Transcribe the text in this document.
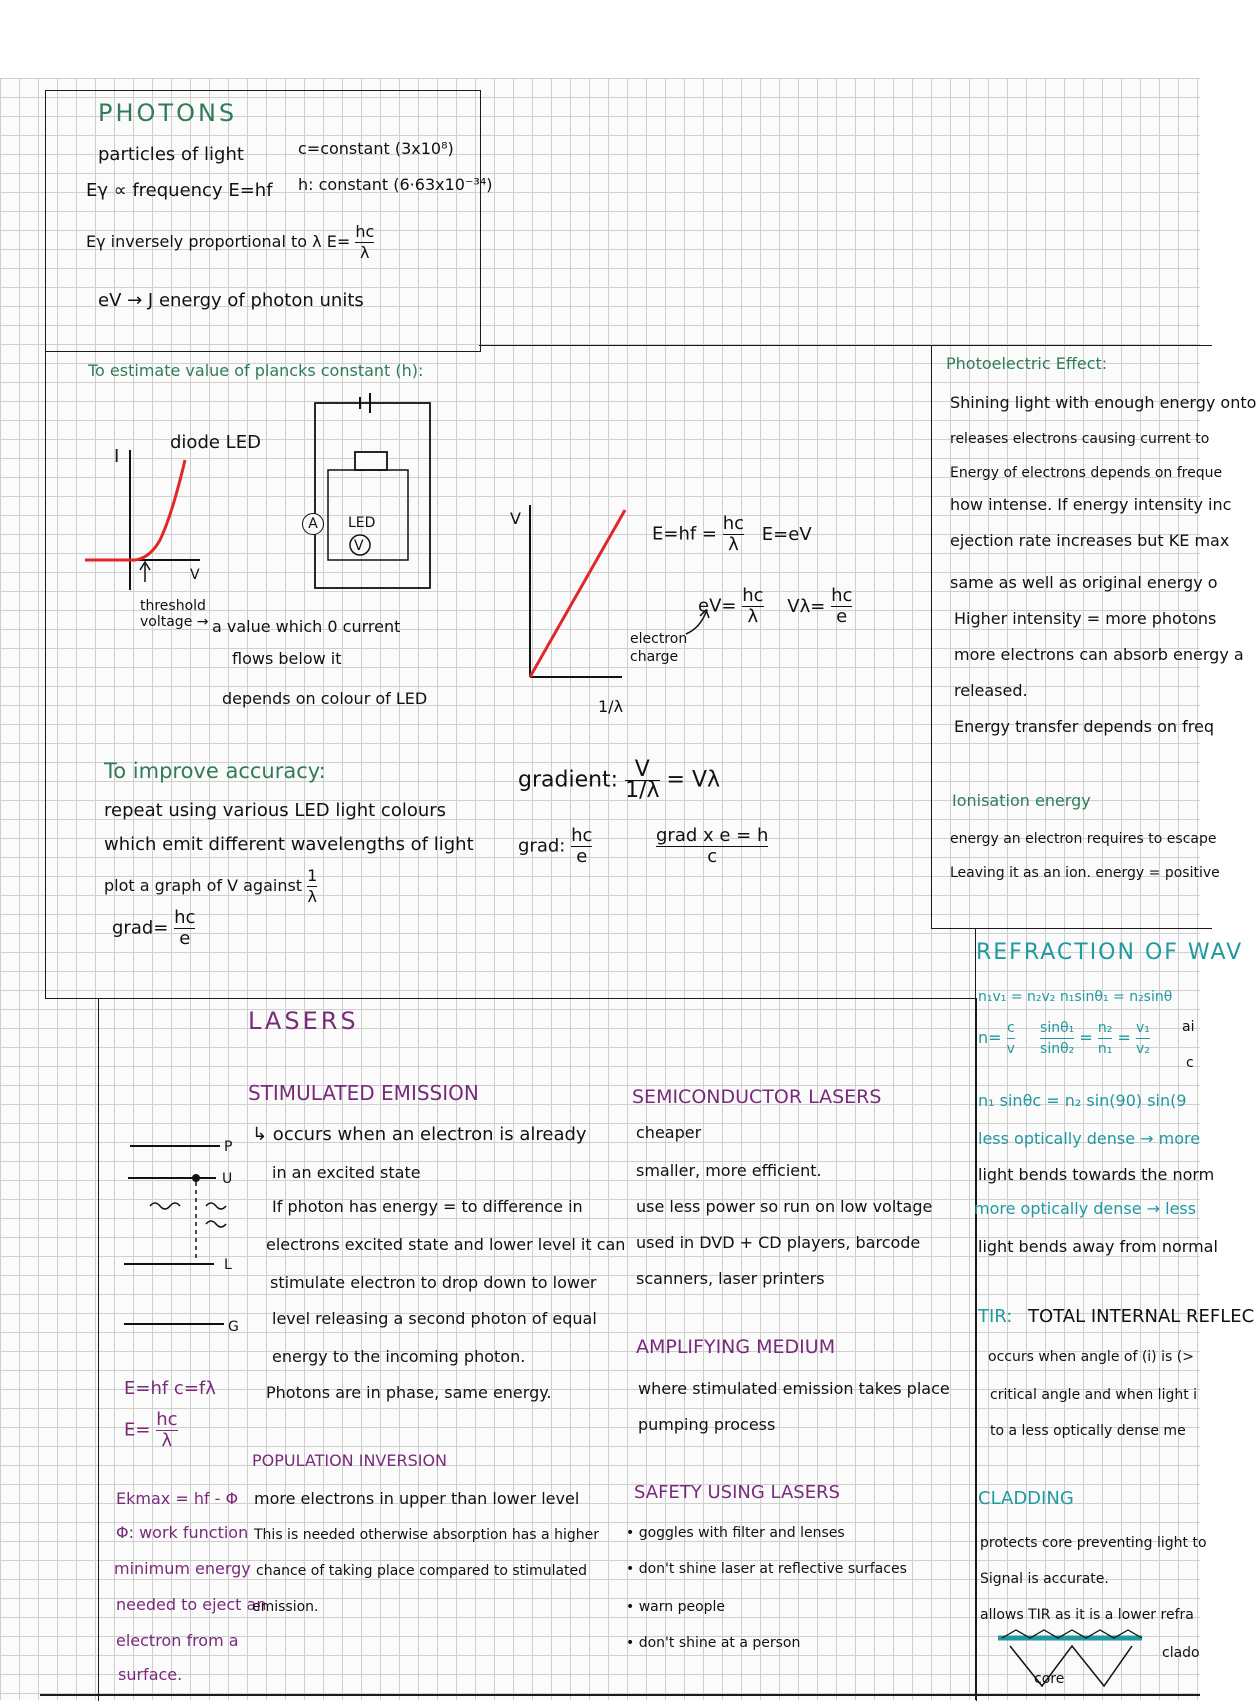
PHOTONS
particles of light	c=constant (3x10⁸)
Eγ ∝ frequency E=hf h: constant (6·63x10⁻³⁴)
Eγ inversely proportional to λ $E= \frac{hc}{\lambda}$
eV → J energy of photon units
To estimate value of plancks constant (h):
I
V
diode LED
threshold voltage → a value which 0 current
flows below it
depends on colour of LED
A	LED
V
V
1/λ
$E=hf = \frac{hc}{\lambda} E=eV$
$eV= \frac{hc}{\lambda} V\lambda= \frac{hc}{e}$
electron charge
gradient: $\frac{V}{1/\lambda} = V\lambda$
grad: $\frac{hc}{e}$	$\frac{\text{grad x e = h}}{c}$
To improve accuracy:
repeat using various LED light colours
which emit different wavelengths of light
plot a graph of V against $\frac{1}{\lambda}$
grad= $\frac{hc}{e}$
Photoelectric Effect:
Shining light with enough energy onto
releases electrons causing current to
Energy of electrons depends on freque
how intense. If energy intensity inc
ejection rate increases but KE max
same as well as original energy o
Higher intensity = more photons
more electrons can absorb energy a
released.
Energy transfer depends on freq
Ionisation energy
energy an electron requires to escape
Leaving it as an ion. energy = positive
LASERS
STIMULATED EMISSION
↳ occurs when an electron is already
in an excited state
If photon has energy = to difference in
electrons excited state and lower level it can
stimulate electron to drop down to lower
level releasing a second photon of equal
energy to the incoming photon.
Photons are in phase, same energy.
P
U
L
G
E=hf c=fλ
$E= \frac{hc}{\lambda}$
Ekmax = hf - Φ
Φ: work function
minimum energy
needed to eject an
electron from a
surface.
POPULATION INVERSION
more electrons in upper than lower level
This is needed otherwise absorption has a higher
chance of taking place compared to stimulated
emission.
SEMICONDUCTOR LASERS
cheaper
smaller, more efficient.
use less power so run on low voltage
used in DVD + CD players, barcode
scanners, laser printers
AMPLIFYING MEDIUM
where stimulated emission takes place
pumping process
SAFETY USING LASERS
• goggles with filter and lenses
• don't shine laser at reflective surfaces
• warn people
• don't shine at a person
REFRACTION OF WAV
n₁v₁ = n₂v₂ n₁sinθ₁ = n₂sinθ
$n= \frac{c}{v}$
$\frac{\text{sinθ₁}}{\text{sinθ₂}} = \frac{\text{n₂}}{\text{n₁}} = \frac{\text{v₁}}{\text{v₂}}$ ai
c
n₁ sinθc = n₂ sin(90) sin(9
less optically dense → more
light bends towards the norm
more optically dense → less
light bends away from normal
TIR: TOTAL INTERNAL REFLEC
occurs when angle of (i) is (>
critical angle and when light i
to a less optically dense me
CLADDING
protects core preventing light to
Signal is accurate.
allows TIR as it is a lower refra
clado
core
